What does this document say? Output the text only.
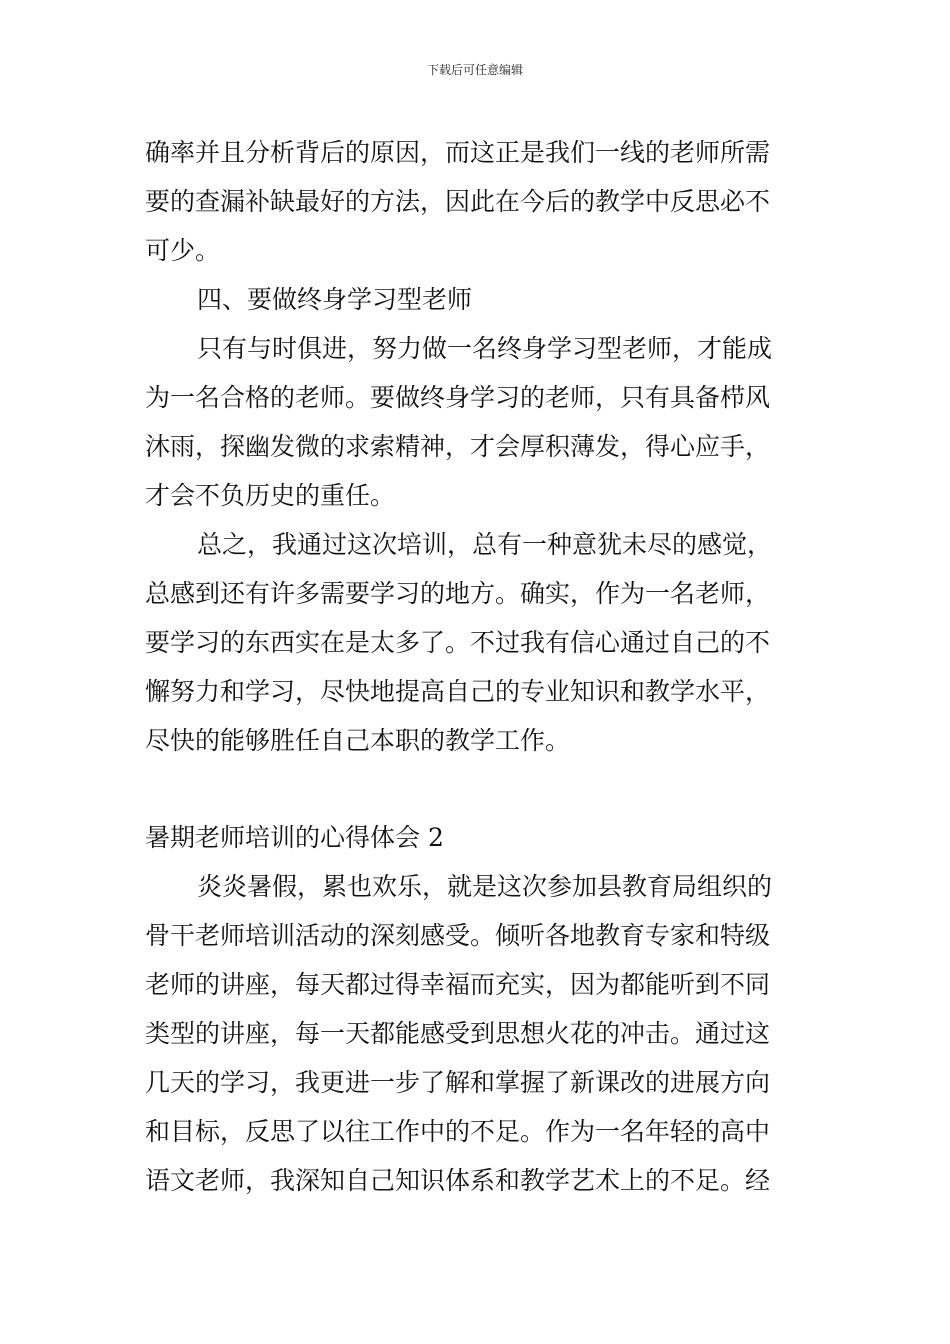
下载后可任意编辑
确率并且分析背后的原因，而这正是我们一线的老师所需
要的查漏补缺最好的方法，因此在今后的教学中反思必不
可少。
四、要做终身学习型老师
只有与时俱进，努力做一名终身学习型老师，才能成
为一名合格的老师。要做终身学习的老师，只有具备栉风
沐雨，探幽发微的求索精神，才会厚积薄发，得心应手，
才会不负历史的重任。
总之，我通过这次培训，总有一种意犹未尽的感觉，
总感到还有许多需要学习的地方。确实，作为一名老师，
要学习的东西实在是太多了。不过我有信心通过自己的不
懈努力和学习，尽快地提高自己的专业知识和教学水平，
尽快的能够胜任自己本职的教学工作。
暑期老师培训的心得体会 2
炎炎暑假，累也欢乐，就是这次参加县教育局组织的
骨干老师培训活动的深刻感受。倾听各地教育专家和特级
老师的讲座，每天都过得幸福而充实，因为都能听到不同
类型的讲座，每一天都能感受到思想火花的冲击。通过这
几天的学习，我更进一步了解和掌握了新课改的进展方向
和目标，反思了以往工作中的不足。作为一名年轻的高中
语文老师，我深知自己知识体系和教学艺术上的不足。经
